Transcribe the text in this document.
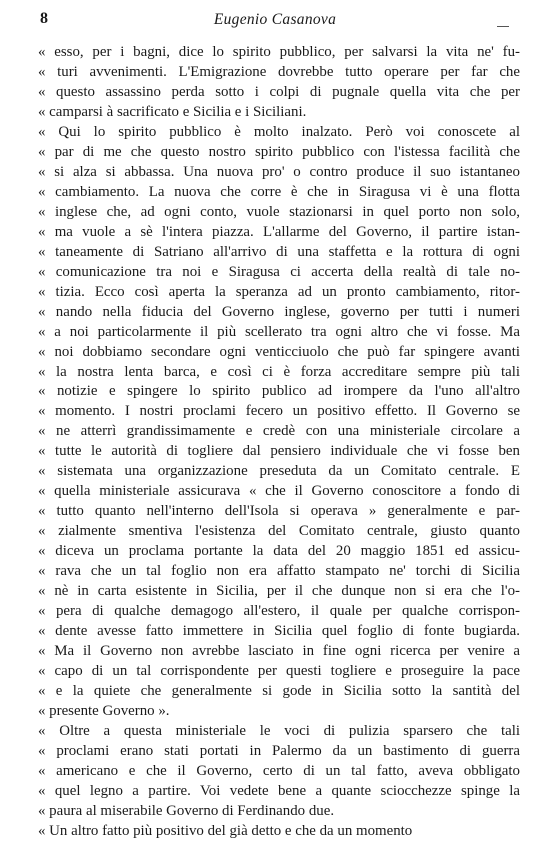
8	Eugenio Casanova
« esso, per i bagni, dice lo spirito pubblico, per salvarsi la vita ne' fu-
« turi avvenimenti. L'Emigrazione dovrebbe tutto operare per far che
« questo assassino perda sotto i colpi di pugnale quella vita che per
« camparsi à sacrificato e Sicilia e i Siciliani.
« Qui lo spirito pubblico è molto inalzato. Però voi conoscete al
« par di me che questo nostro spirito pubblico con l'istessa facilità che
« si alza si abbassa. Una nuova pro' o contro produce il suo istantaneo
« cambiamento. La nuova che corre è che in Siragusa vi è una flotta
« inglese che, ad ogni conto, vuole stazionarsi in quel porto non solo,
« ma vuole a sè l'intera piazza. L'allarme del Governo, il partire istan-
« taneamente di Satriano all'arrivo di una staffetta e la rottura di ogni
« comunicazione tra noi e Siragusa ci accerta della realtà di tale no-
« tizia. Ecco così aperta la speranza ad un pronto cambiamento, ritor-
« nando nella fiducia del Governo inglese, governo per tutti i numeri
« a noi particolarmente il più scellerato tra ogni altro che vi fosse. Ma
« noi dobbiamo secondare ogni venticciuolo che può far spingere avanti
« la nostra lenta barca, e così ci è forza accreditare sempre più tali
« notizie e spingere lo spirito publico ad irompere da l'uno all'altro
« momento. I nostri proclami fecero un positivo effetto. Il Governo se
« ne atterrì grandissimamente e credè con una ministeriale circolare a
« tutte le autorità di togliere dal pensiero individuale che vi fosse ben
« sistemata una organizzazione preseduta da un Comitato centrale. E
« quella ministeriale assicurava « che il Governo conoscitore a fondo di
« tutto quanto nell'interno dell'Isola si operava » generalmente e par-
« zialmente smentiva l'esistenza del Comitato centrale, giusto quanto
« diceva un proclama portante la data del 20 maggio 1851 ed assicu-
« rava che un tal foglio non era affatto stampato ne' torchi di Sicilia
« nè in carta esistente in Sicilia, per il che dunque non si era che l'o-
« pera di qualche demagogo all'estero, il quale per qualche corrispon-
« dente avesse fatto immettere in Sicilia quel foglio di fonte bugiarda.
« Ma il Governo non avrebbe lasciato in fine ogni ricerca per venire a
« capo di un tal corrispondente per questi togliere e proseguire la pace
« e la quiete che generalmente si gode in Sicilia sotto la santità del
« presente Governo ».
« Oltre a questa ministeriale le voci di pulizia sparsero che tali
« proclami erano stati portati in Palermo da un bastimento di guerra
« americano e che il Governo, certo di un tal fatto, aveva obbligato
« quel legno a partire. Voi vedete bene a quante sciocchezze spinge la
« paura al miserabile Governo di Ferdinando due.
« Un altro fatto più positivo del già detto e che da un momento
